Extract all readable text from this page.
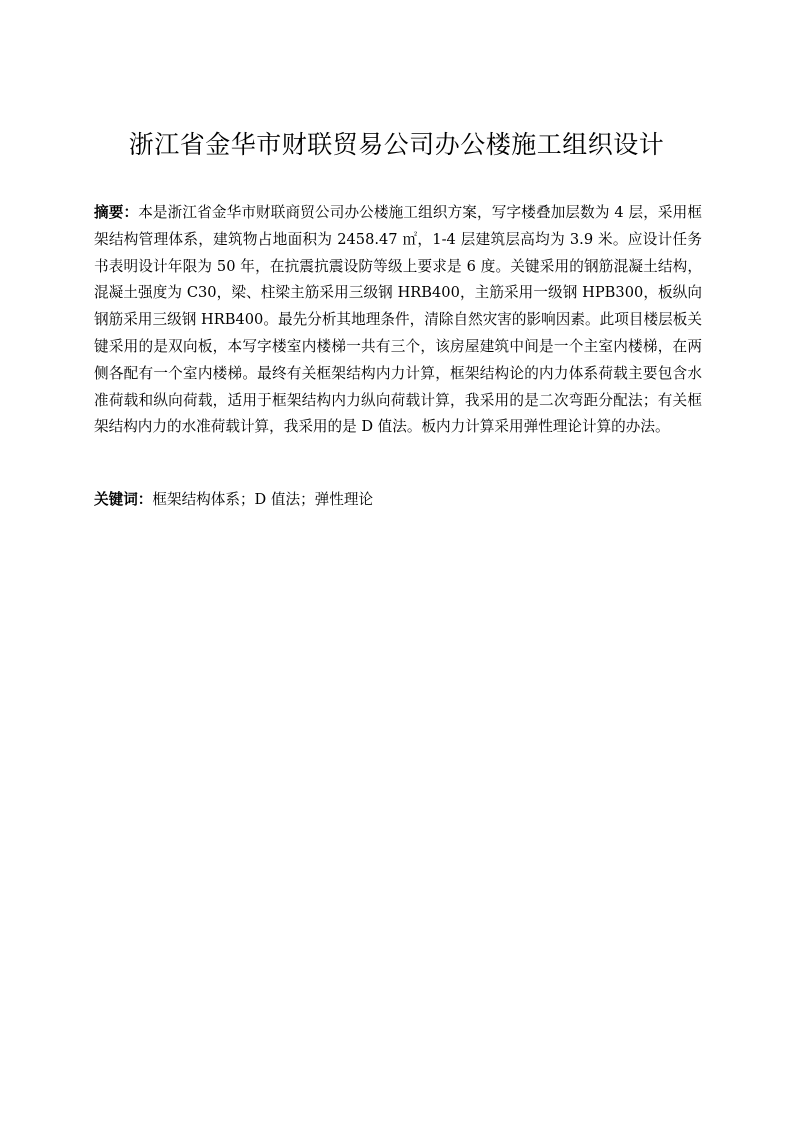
浙江省金华市财联贸易公司办公楼施工组织设计

摘要：本是浙江省金华市财联商贸公司办公楼施工组织方案，写字楼叠加层数为 4 层，采用框架结构管理体系，建筑物占地面积为 2458.47 ㎡，1-4 层建筑层高均为 3.9 米。应设计任务书表明设计年限为 50 年，在抗震抗震设防等级上要求是 6 度。关键采用的钢筋混凝土结构，混凝土强度为 C30，梁、柱梁主筋采用三级钢 HRB400，主筋采用一级钢 HPB300，板纵向钢筋采用三级钢 HRB400。最先分析其地理条件，清除自然灾害的影响因素。此项目楼层板关键采用的是双向板，本写字楼室内楼梯一共有三个，该房屋建筑中间是一个主室内楼梯，在两侧各配有一个室内楼梯。最终有关框架结构内力计算，框架结构论的内力体系荷载主要包含水准荷载和纵向荷载，适用于框架结构内力纵向荷载计算，我采用的是二次弯距分配法；有关框架结构内力的水准荷载计算，我采用的是 D 值法。板内力计算采用弹性理论计算的办法。

关键词：框架结构体系；D 值法；弹性理论
